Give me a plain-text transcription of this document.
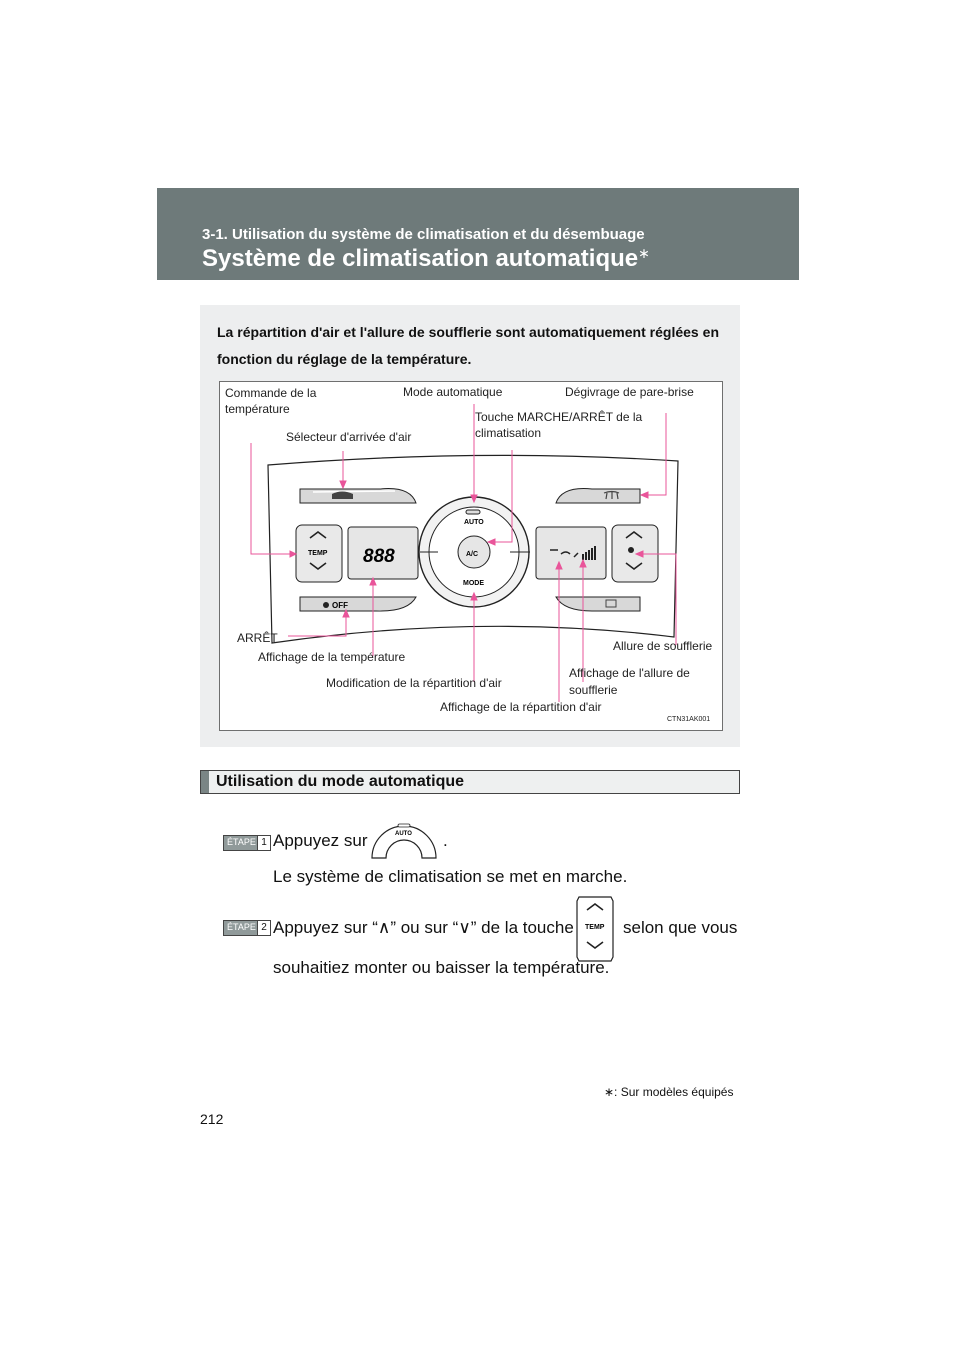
3-1. Utilisation du système de climatisation et du désembuage
Système de climatisation automatique∗
La répartition d'air et l'allure de soufflerie sont automatiquement réglées en fonction du réglage de la température.
TEMP 888
AUTO
A/C
MODE
OFF
Commande de la température
Mode automatique	Dégivrage de pare-brise
Touche MARCHE/ARRÊT de la climatisation
Sélecteur d'arrivée d'air
ARRÊT
Affichage de la température
Allure de soufflerie
Affichage de l'allure de soufflerie
Modification de la répartition d'air
Affichage de la répartition d'air
CTN31AK001
Utilisation du mode automatique
ÉTAPE 1 Appuyez sur	AUTO .
Le système de climatisation se met en marche.
ÉTAPE 2 Appuyez sur “∧” ou sur “∨” de la touche TEMP selon que vous
souhaitiez monter ou baisser la température.
∗: Sur modèles équipés
212
